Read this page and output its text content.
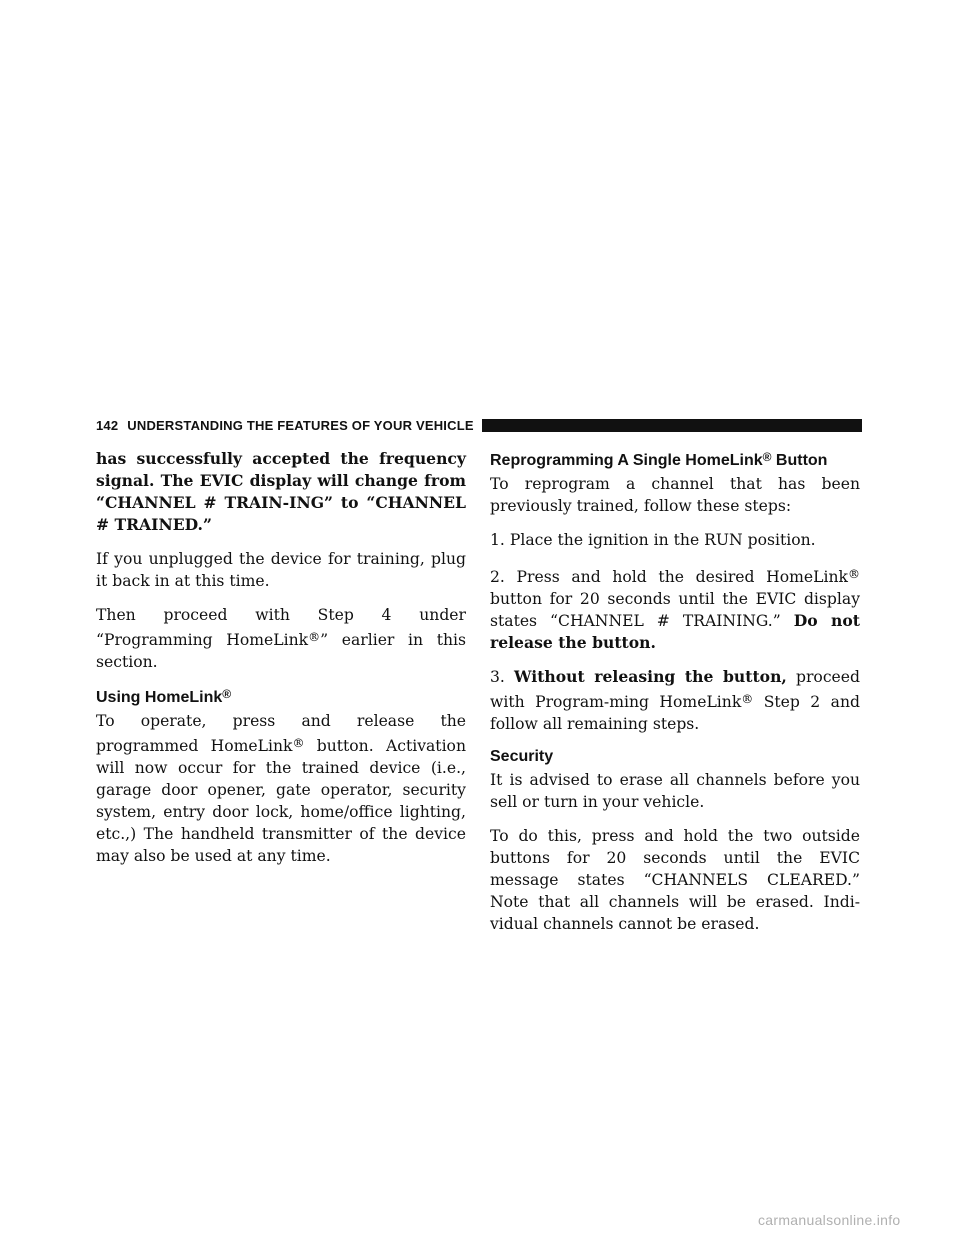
142 UNDERSTANDING THE FEATURES OF YOUR VEHICLE

has successfully accepted the frequency signal. The EVIC display will change from “CHANNEL # TRAIN-ING” to “CHANNEL # TRAINED.”

If you unplugged the device for training, plug it back in at this time.

Then proceed with Step 4 under “Programming HomeLink®” earlier in this section.

Using HomeLink®

To operate, press and release the programmed HomeLink® button. Activation will now occur for the trained device (i.e., garage door opener, gate operator, security system, entry door lock, home/office lighting, etc.,) The handheld transmitter of the device may also be used at any time.

Reprogramming A Single HomeLink® Button

To reprogram a channel that has been previously trained, follow these steps:

1. Place the ignition in the RUN position.

2. Press and hold the desired HomeLink® button for 20 seconds until the EVIC display states “CHANNEL # TRAINING.” Do not release the button.

3. Without releasing the button, proceed with Program-ming HomeLink® Step 2 and follow all remaining steps.

Security

It is advised to erase all channels before you sell or turn in your vehicle.

To do this, press and hold the two outside buttons for 20 seconds until the EVIC message states “CHANNELS CLEARED.” Note that all channels will be erased. Indi-vidual channels cannot be erased.

carmanualsonline.info
